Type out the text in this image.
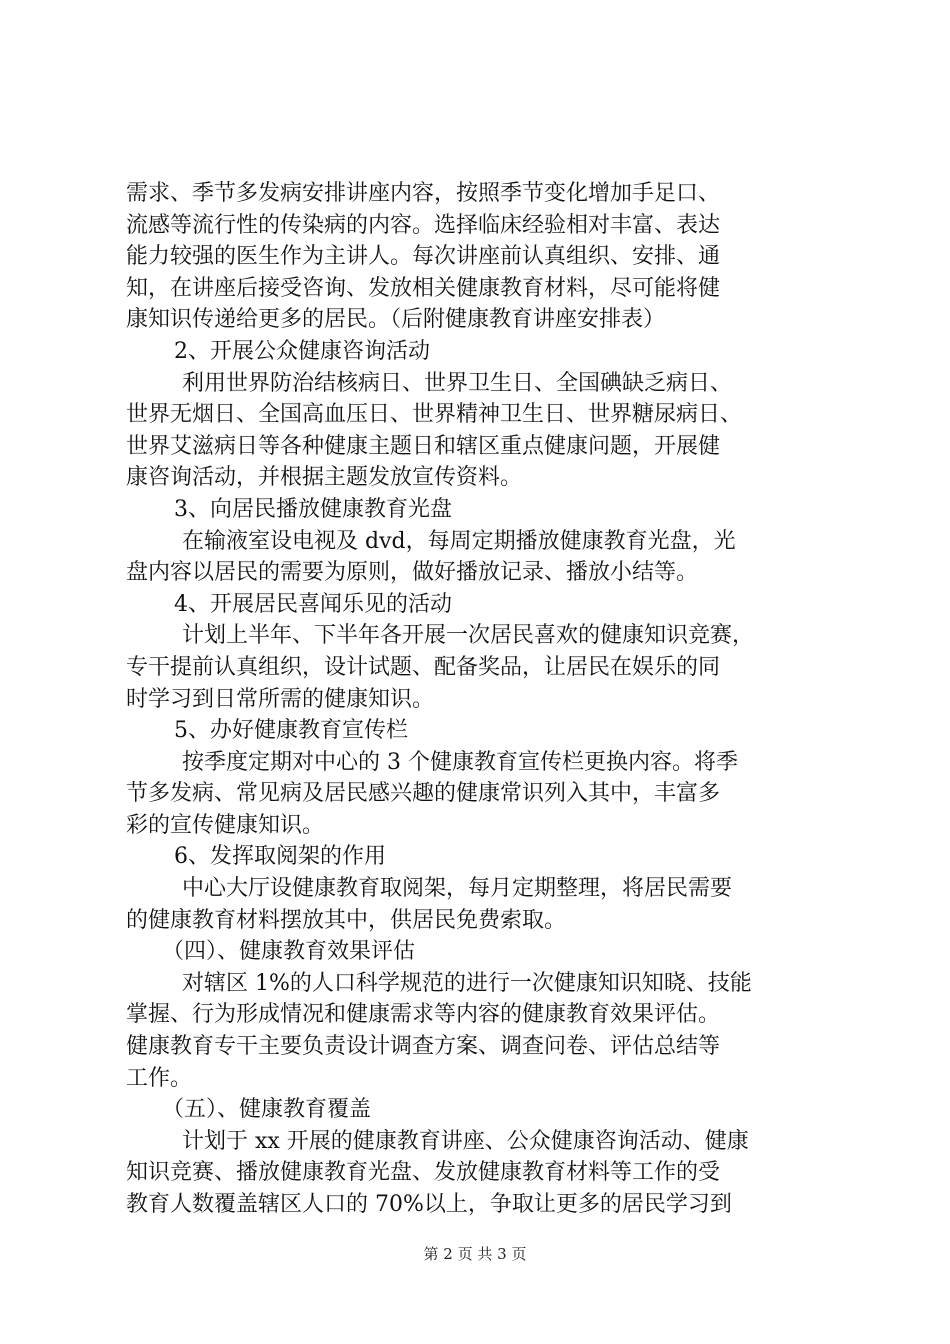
需求、季节多发病安排讲座内容，按照季节变化增加手足口、
流感等流行性的传染病的内容。选择临床经验相对丰富、表达
能力较强的医生作为主讲人。每次讲座前认真组织、安排、通
知，在讲座后接受咨询、发放相关健康教育材料，尽可能将健
康知识传递给更多的居民。（后附健康教育讲座安排表）
2、开展公众健康咨询活动
利用世界防治结核病日、世界卫生日、全国碘缺乏病日、
世界无烟日、全国高血压日、世界精神卫生日、世界糖尿病日、
世界艾滋病日等各种健康主题日和辖区重点健康问题，开展健
康咨询活动，并根据主题发放宣传资料。
3、向居民播放健康教育光盘
在输液室设电视及 dvd，每周定期播放健康教育光盘，光
盘内容以居民的需要为原则，做好播放记录、播放小结等。
4、开展居民喜闻乐见的活动
计划上半年、下半年各开展一次居民喜欢的健康知识竞赛，
专干提前认真组织，设计试题、配备奖品，让居民在娱乐的同
时学习到日常所需的健康知识。
5、办好健康教育宣传栏
按季度定期对中心的 3 个健康教育宣传栏更换内容。将季
节多发病、常见病及居民感兴趣的健康常识列入其中，丰富多
彩的宣传健康知识。
6、发挥取阅架的作用
中心大厅设健康教育取阅架，每月定期整理，将居民需要
的健康教育材料摆放其中，供居民免费索取。
（四）、健康教育效果评估
对辖区 1%的人口科学规范的进行一次健康知识知晓、技能
掌握、行为形成情况和健康需求等内容的健康教育效果评估。
健康教育专干主要负责设计调查方案、调查问卷、评估总结等
工作。
（五）、健康教育覆盖
计划于 xx 开展的健康教育讲座、公众健康咨询活动、健康
知识竞赛、播放健康教育光盘、发放健康教育材料等工作的受
教育人数覆盖辖区人口的 70%以上，争取让更多的居民学习到
第 2 页 共 3 页
